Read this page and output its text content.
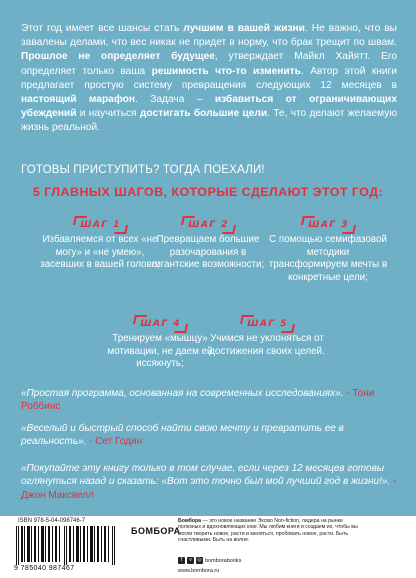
Этот год имеет все шансы стать лучшим в вашей жизни. Не важно, что вы завалены делами, что вес никак не придет в норму, что брак трещит по швам. Прошлое не определяет будущее, утверждает Майкл Хайятт. Его определяет только ваша решимость что-то изменить. Автор этой книги предлагает простую систему превращения следующих 12 месяцев в настоящий марафон. Задача – избавиться от ограничивающих убеждений и научиться достигать большие цели. Те, что делают желаемую жизнь реальной.
ГОТОВЫ ПРИСТУПИТЬ? ТОГДА ПОЕХАЛИ!
5 ГЛАВНЫХ ШАГОВ, КОТОРЫЕ СДЕЛАЮТ ЭТОТ ГОД:
ШАГ 1
Избавляемся от всех «не могу» и «не умею», засевших в вашей голове;
ШАГ 2
Превращаем большие разочарования в гигантские возможности;
ШАГ 3
С помощью семифазовой методики трансформируем мечты в конкретные цели;
ШАГ 4
Тренируем «мышцу» мотивации, не даем ей иссякнуть;
ШАГ 5
Учимся не уклоняться от достижения своих целей.
«Простая программа, основанная на современных исследованиях». - Тони Роббинс
«Веселый и быстрый способ найти свою мечту и превратить ее в реальность». - Сет Годин
«Покупайте эту книгу только в том случае, если через 12 месяцев готовы оглянуться назад и сказать: «Вот это точно был мой лучший год в жизни!». - Джон Максвелл
ISBN 978-5-04-098746-7
9 785040 987467
БОМБОРА
Бомбора — это новое название Эксмо Non-fiction, лидера на рынке полезных и вдохновляющих книг. Мы любим книги и создаем их, чтобы вы могли творить новое, расти и меняться, пробовать новое, расти. Быть счастливыми. Быть на волне.
f	v	◎ bomborabooks
www.bombora.ru
